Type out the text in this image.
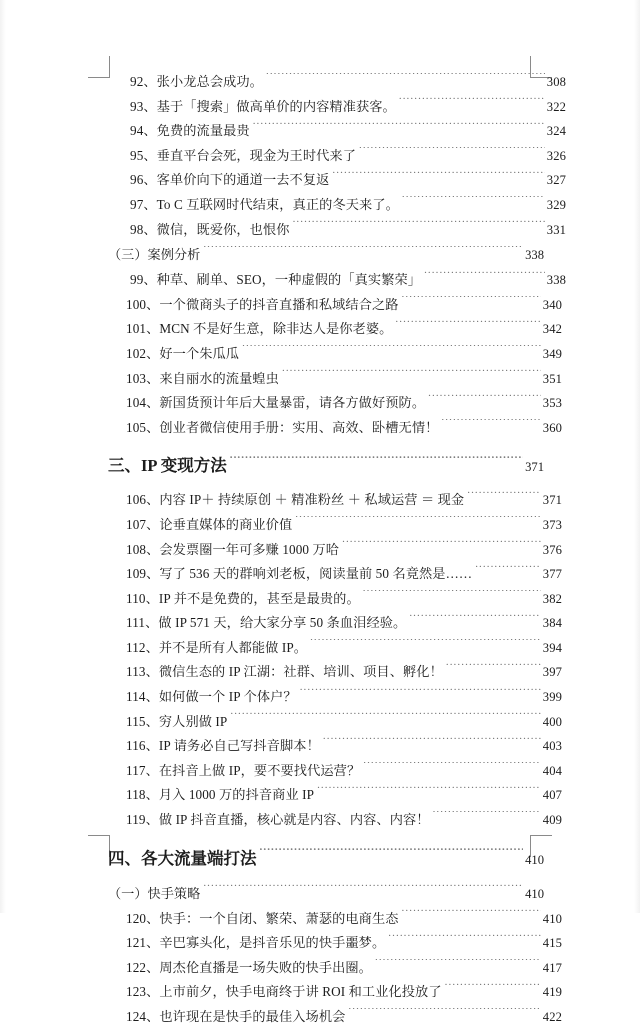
92、张小龙总会成功。 .....	308
93、基于「搜索」做高单价的内容精准获客。 .....	322
94、免费的流量最贵 .....	324
95、垂直平台会死，现金为王时代来了 .....	326
96、客单价向下的通道一去不复返 .....	327
97、To C 互联网时代结束，真正的冬天来了。 .....	329
98、微信，既爱你，也恨你 .....	331
（三）案例分析 .....	338
99、种草、刷单、SEO，一种虚假的「真实繁荣」 .....	338
100、一个微商头子的抖音直播和私域结合之路 .....	340
101、MCN 不是好生意，除非达人是你老婆。 .....	342
102、好一个朱瓜瓜 .....	349
103、来自丽水的流量蝗虫 .....	351
104、新国货预计年后大量暴雷，请各方做好预防。 .....	353
105、创业者微信使用手册：实用、高效、卧槽无情！ .....	360
三、IP 变现方法 .....	371
106、内容 IP＋ 持续原创 ＋ 精准粉丝 ＋ 私域运营 ＝ 现金 .....	371
107、论垂直媒体的商业价值 .....	373
108、会发票圈一年可多赚 1000 万哈 .....	376
109、写了 536 天的群响刘老板，阅读量前 50 名竟然是…… .....	377
110、IP 并不是免费的，甚至是最贵的。 .....	382
111、做 IP 571 天，给大家分享 50 条血泪经验。 .....	384
112、并不是所有人都能做 IP。 .....	394
113、微信生态的 IP 江湖：社群、培训、项目、孵化！ .....	397
114、如何做一个 IP 个体户？ .....	399
115、穷人别做 IP .....	400
116、IP 请务必自己写抖音脚本！ .....	403
117、在抖音上做 IP，要不要找代运营？ .....	404
118、月入 1000 万的抖音商业 IP .....	407
119、做 IP 抖音直播，核心就是内容、内容、内容！ .....	409
四、各大流量端打法 .....	410
（一）快手策略 .....	410
120、快手：一个自闭、繁荣、萧瑟的电商生态 .....	410
121、辛巴寡头化，是抖音乐见的快手噩梦。 .....	415
122、周杰伦直播是一场失败的快手出圈。 .....	417
123、上市前夕，快手电商终于讲 ROI 和工业化投放了 .....	419
124、也许现在是快手的最佳入场机会 .....	422
